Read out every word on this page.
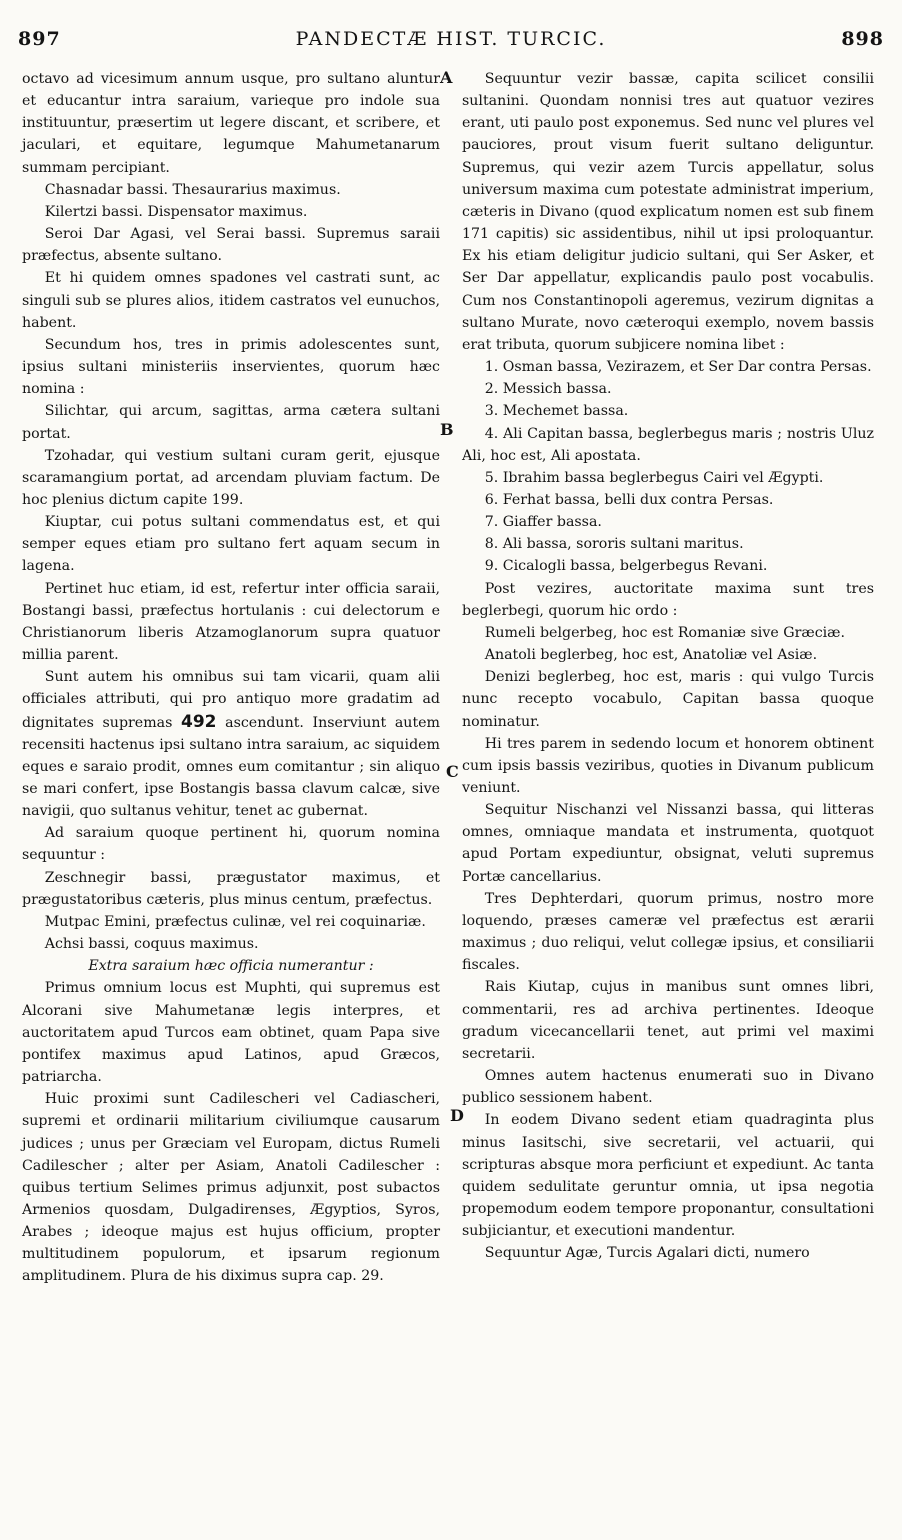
897	PANDECTÆ HIST. TURCIC.	898
A
B
C
D

octavo ad vicesimum annum usque, pro sultano aluntur et educantur intra saraium, varieque pro indole sua instituuntur, præsertim ut legere discant, et scribere, et jaculari, et equitare, legumque Mahumetanarum summam percipiant.

Chasnadar bassi. Thesaurarius maximus.

Kilertzi bassi. Dispensator maximus.

Seroi Dar Agasi, vel Serai bassi. Supremus saraii præfectus, absente sultano.

Et hi quidem omnes spadones vel castrati sunt, ac singuli sub se plures alios, itidem castratos vel eunuchos, habent.

Secundum hos, tres in primis adolescentes sunt, ipsius sultani ministeriis inservientes, quorum hæc nomina :

Silichtar, qui arcum, sagittas, arma cætera sultani portat.

Tzohadar, qui vestium sultani curam gerit, ejusque scaramangium portat, ad arcendam pluviam factum. De hoc plenius dictum capite 199.

Kiuptar, cui potus sultani commendatus est, et qui semper eques etiam pro sultano fert aquam secum in lagena.

Pertinet huc etiam, id est, refertur inter officia saraii, Bostangi bassi, præfectus hortulanis : cui delectorum e Christianorum liberis Atzamoglanorum supra quatuor millia parent.

Sunt autem his omnibus sui tam vicarii, quam alii officiales attributi, qui pro antiquo more gradatim ad dignitates supremas 492 ascendunt. Inserviunt autem recensiti hactenus ipsi sultano intra saraium, ac siquidem eques e saraio prodit, omnes eum comitantur ; sin aliquo se mari confert, ipse Bostangis bassa clavum calcæ, sive navigii, quo sultanus vehitur, tenet ac gubernat.

Ad saraium quoque pertinent hi, quorum nomina sequuntur :

Zeschnegir bassi, prægustator maximus, et prægustatoribus cæteris, plus minus centum, præfectus.

Mutpac Emini, præfectus culinæ, vel rei coquinariæ.

Achsi bassi, coquus maximus.

Extra saraium hæc officia numerantur :

Primus omnium locus est Muphti, qui supremus est Alcorani sive Mahumetanæ legis interpres, et auctoritatem apud Turcos eam obtinet, quam Papa sive pontifex maximus apud Latinos, apud Græcos, patriarcha.

Huic proximi sunt Cadilescheri vel Cadiascheri, supremi et ordinarii militarium civiliumque causarum judices ; unus per Græciam vel Europam, dictus Rumeli Cadilescher ; alter per Asiam, Anatoli Cadilescher : quibus tertium Selimes primus adjunxit, post subactos Armenios quosdam, Dulgadirenses, Ægyptios, Syros, Arabes ; ideoque majus est hujus officium, propter multitudinem populorum, et ipsarum regionum amplitudinem. Plura de his diximus supra cap. 29.

Sequuntur vezir bassæ, capita scilicet consilii sultanini. Quondam nonnisi tres aut quatuor vezires erant, uti paulo post exponemus. Sed nunc vel plures vel pauciores, prout visum fuerit sultano deliguntur. Supremus, qui vezir azem Turcis appellatur, solus universum maxima cum potestate administrat imperium, cæteris in Divano (quod explicatum nomen est sub finem 171 capitis) sic assidentibus, nihil ut ipsi proloquantur. Ex his etiam deligitur judicio sultani, qui Ser Asker, et Ser Dar appellatur, explicandis paulo post vocabulis. Cum nos Constantinopoli ageremus, vezirum dignitas a sultano Murate, novo cæteroqui exemplo, novem bassis erat tributa, quorum subjicere nomina libet :

1. Osman bassa, Vezirazem, et Ser Dar contra Persas.

2. Messich bassa.

3. Mechemet bassa.

4. Ali Capitan bassa, beglerbegus maris ; nostris Uluz Ali, hoc est, Ali apostata.

5. Ibrahim bassa beglerbegus Cairi vel Ægypti.

6. Ferhat bassa, belli dux contra Persas.

7. Giaffer bassa.

8. Ali bassa, sororis sultani maritus.

9. Cicalogli bassa, belgerbegus Revani.

Post vezires, auctoritate maxima sunt tres beglerbegi, quorum hic ordo :

Rumeli belgerbeg, hoc est Romaniæ sive Græciæ.

Anatoli beglerbeg, hoc est, Anatoliæ vel Asiæ.

Denizi beglerbeg, hoc est, maris : qui vulgo Turcis nunc recepto vocabulo, Capitan bassa quoque nominatur.

Hi tres parem in sedendo locum et honorem obtinent cum ipsis bassis veziribus, quoties in Divanum publicum veniunt.

Sequitur Nischanzi vel Nissanzi bassa, qui litteras omnes, omniaque mandata et instrumenta, quotquot apud Portam expediuntur, obsignat, veluti supremus Portæ cancellarius.

Tres Dephterdari, quorum primus, nostro more loquendo, præses cameræ vel præfectus est ærarii maximus ; duo reliqui, velut collegæ ipsius, et consiliarii fiscales.

Rais Kiutap, cujus in manibus sunt omnes libri, commentarii, res ad archiva pertinentes. Ideoque gradum vicecancellarii tenet, aut primi vel maximi secretarii.

Omnes autem hactenus enumerati suo in Divano publico sessionem habent.

In eodem Divano sedent etiam quadraginta plus minus Iasitschi, sive secretarii, vel actuarii, qui scripturas absque mora perficiunt et expediunt. Ac tanta quidem sedulitate geruntur omnia, ut ipsa negotia propemodum eodem tempore proponantur, consultationi subjiciantur, et executioni mandentur.

Sequuntur Agæ, Turcis Agalari dicti, numero
